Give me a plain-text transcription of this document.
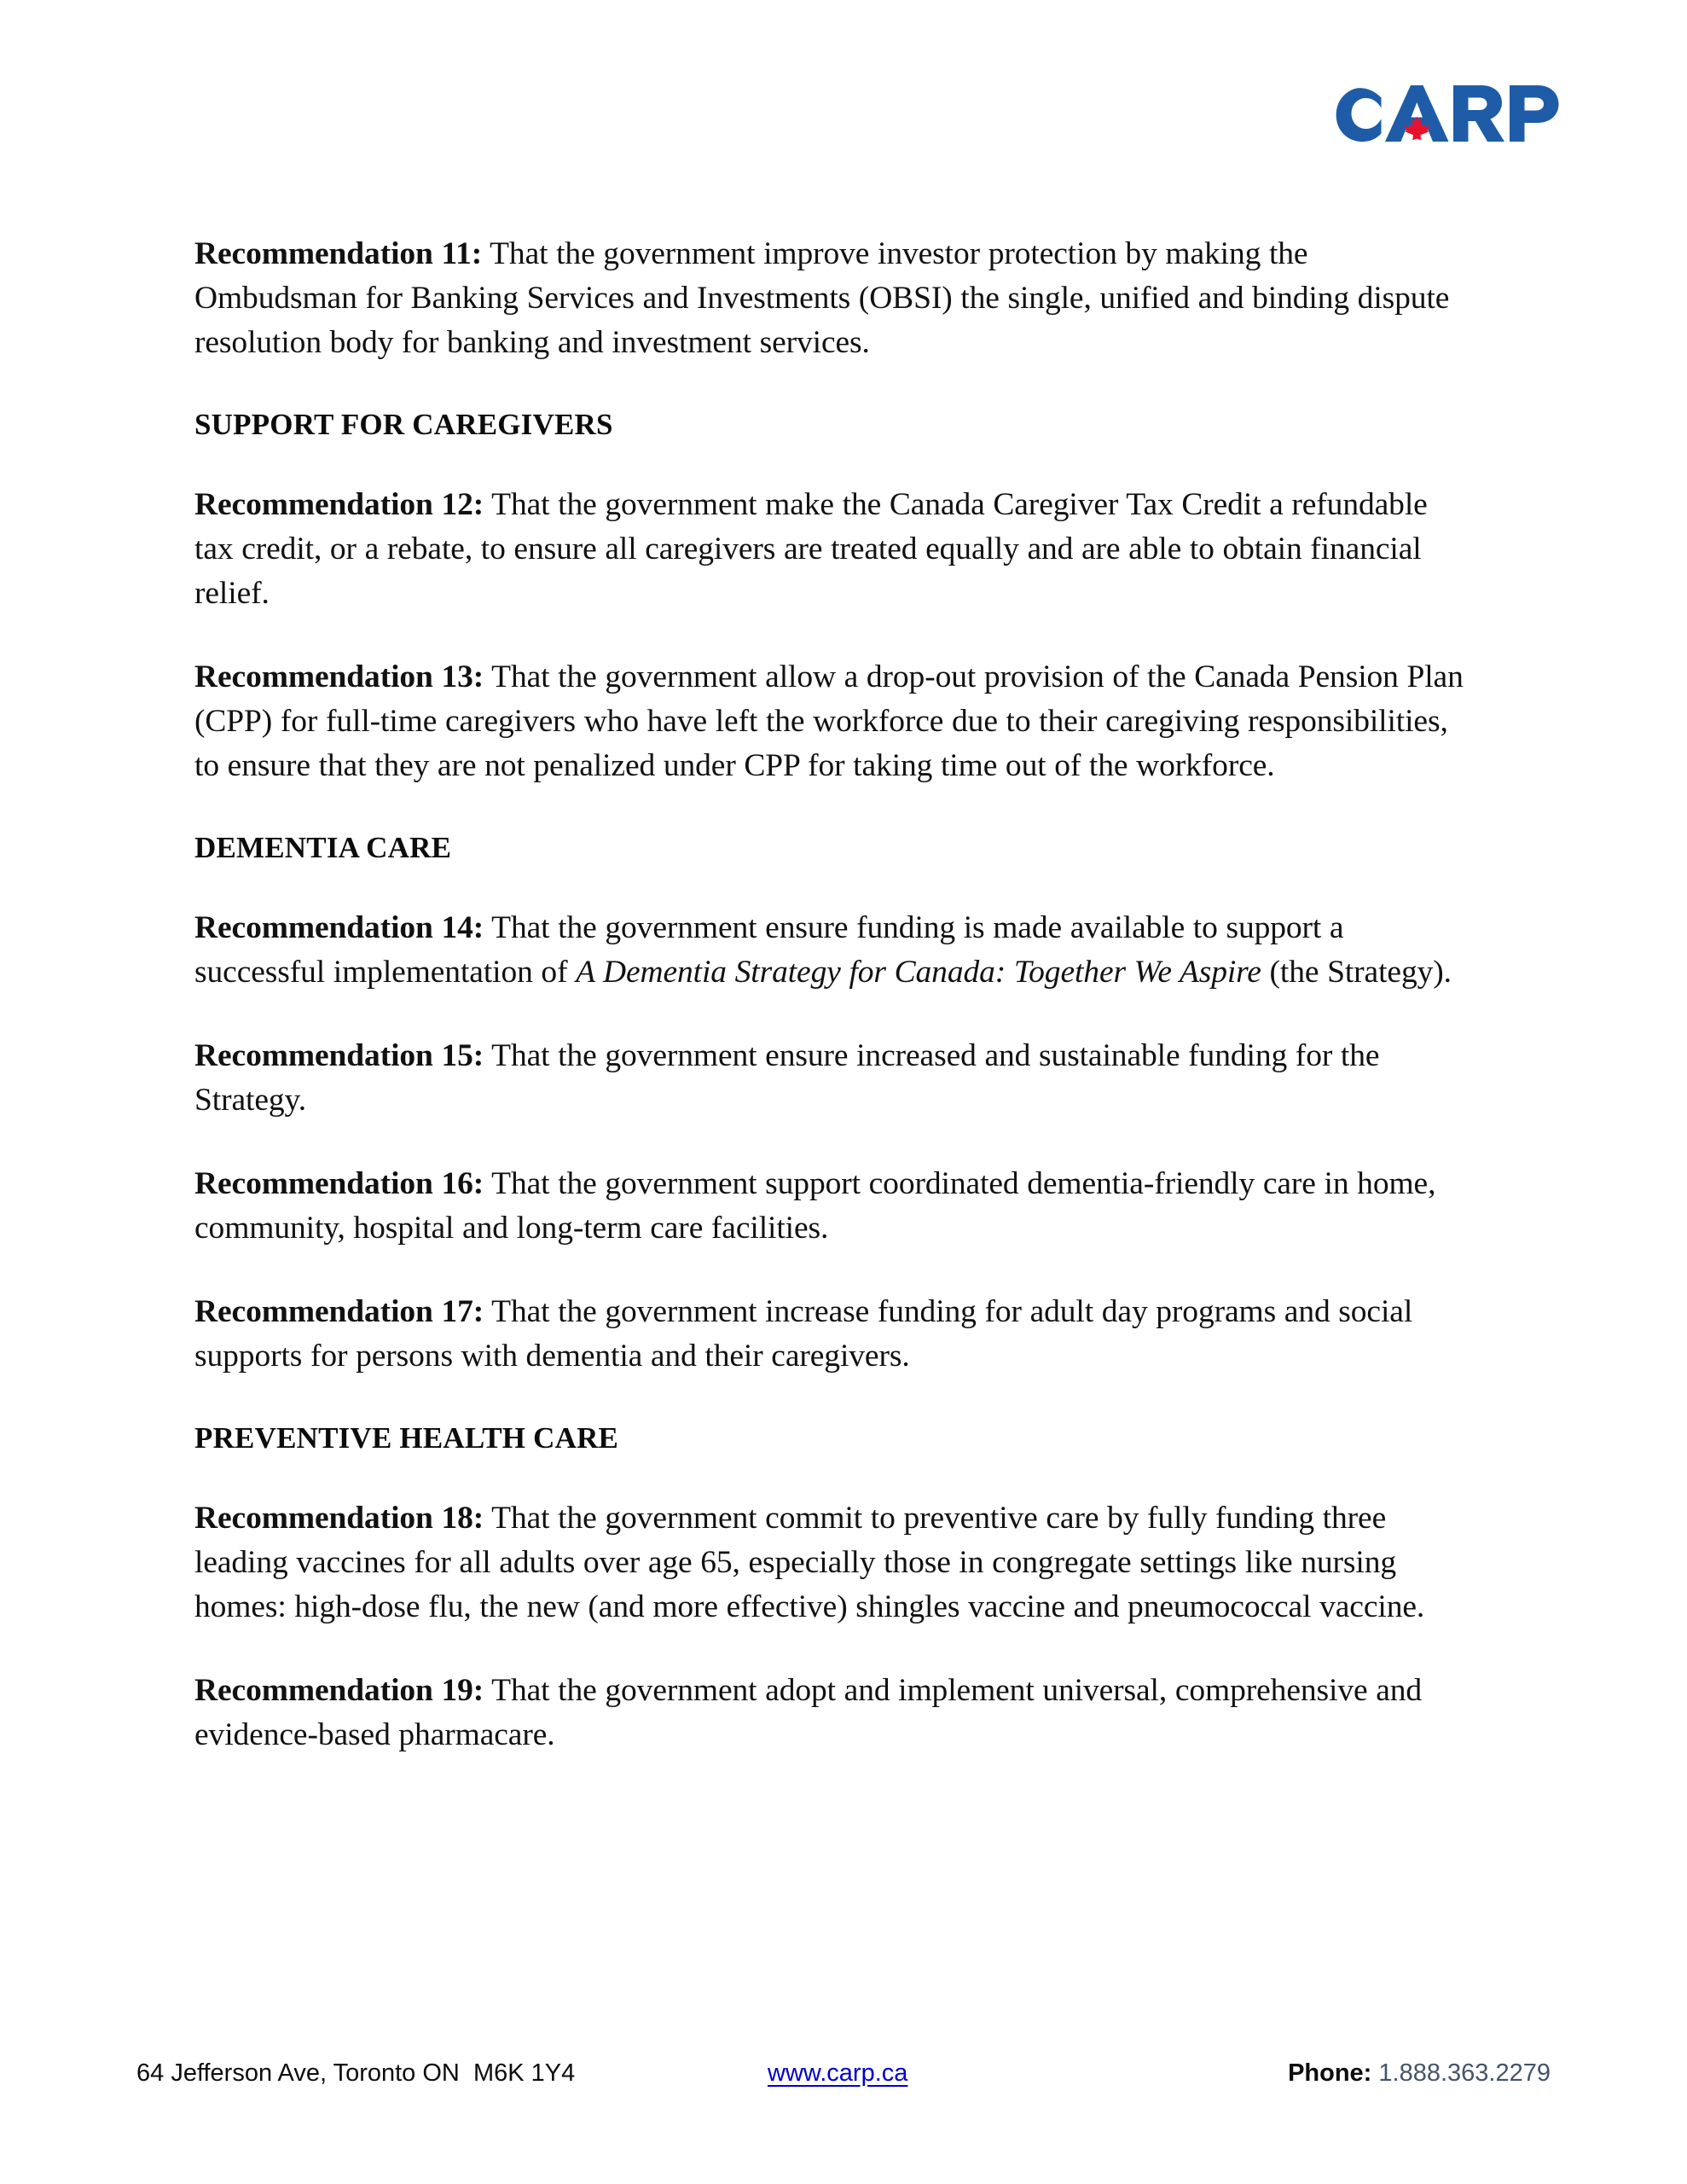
Recommendation 11: That the government improve investor protection by making the Ombudsman for Banking Services and Investments (OBSI) the single, unified and binding dispute resolution body for banking and investment services.

SUPPORT FOR CAREGIVERS

Recommendation 12: That the government make the Canada Caregiver Tax Credit a refundable tax credit, or a rebate, to ensure all caregivers are treated equally and are able to obtain financial relief.

Recommendation 13: That the government allow a drop-out provision of the Canada Pension Plan (CPP) for full-time caregivers who have left the workforce due to their caregiving responsibilities, to ensure that they are not penalized under CPP for taking time out of the workforce.

DEMENTIA CARE

Recommendation 14: That the government ensure funding is made available to support a successful implementation of A Dementia Strategy for Canada: Together We Aspire (the Strategy).

Recommendation 15: That the government ensure increased and sustainable funding for the Strategy.

Recommendation 16: That the government support coordinated dementia-friendly care in home, community, hospital and long-term care facilities.

Recommendation 17: That the government increase funding for adult day programs and social supports for persons with dementia and their caregivers.

PREVENTIVE HEALTH CARE

Recommendation 18: That the government commit to preventive care by fully funding three leading vaccines for all adults over age 65, especially those in congregate settings like nursing homes: high-dose flu, the new (and more effective) shingles vaccine and pneumococcal vaccine.

Recommendation 19: That the government adopt and implement universal, comprehensive and evidence-based pharmacare.

64 Jefferson Ave, Toronto ON  M6K 1Y4	www.carp.ca	Phone: 1.888.363.2279
